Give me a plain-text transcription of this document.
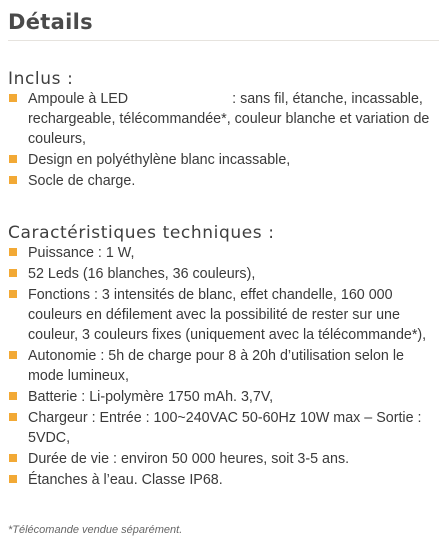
Détails
Inclus :
Ampoule à LED	: sans fil, étanche, incassable, rechargeable, télécommandée*, couleur blanche et variation de couleurs,
Design en polyéthylène blanc incassable,
Socle de charge.
Caractéristiques techniques :
Puissance : 1 W,
52 Leds (16 blanches, 36 couleurs),
Fonctions : 3 intensités de blanc, effet chandelle, 160 000 couleurs en défilement avec la possibilité de rester sur une couleur, 3 couleurs fixes (uniquement avec la télécommande*),
Autonomie : 5h de charge pour 8 à 20h d’utilisation selon le mode lumineux,
Batterie : Li-polymère 1750 mAh. 3,7V,
Chargeur : Entrée : 100~240VAC 50-60Hz 10W max – Sortie : 5VDC,
Durée de vie : environ 50 000 heures, soit 3-5 ans.
Étanches à l’eau. Classe IP68.
*Télécomande vendue séparément.
